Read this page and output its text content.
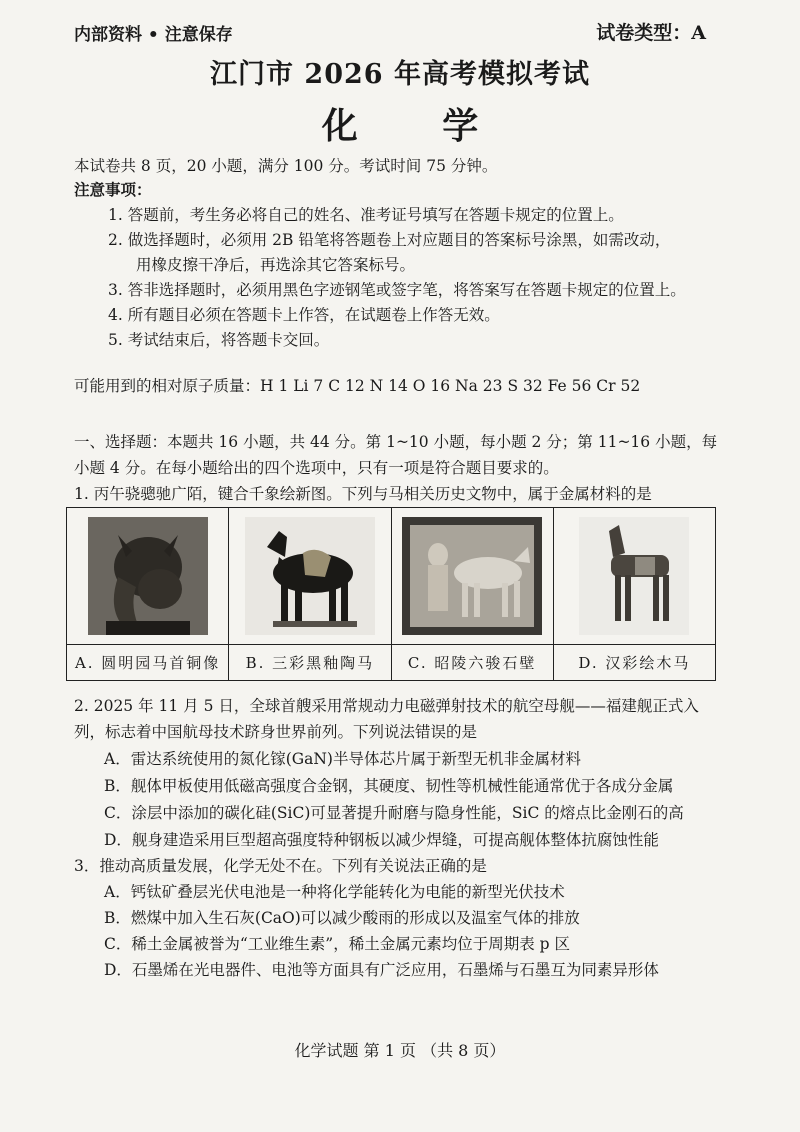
内部资料 • 注意保存	试卷类型：A
江门市 2026 年高考模拟考试
化 学
本试卷共 8 页，20 小题，满分 100 分。考试时间 75 分钟。
注意事项：
1. 答题前，考生务必将自己的姓名、准考证号填写在答题卡规定的位置上。
2. 做选择题时，必须用 2B 铅笔将答题卷上对应题目的答案标号涂黑，如需改动，
用橡皮擦干净后，再选涂其它答案标号。
3. 答非选择题时，必须用黑色字迹钢笔或签字笔，将答案写在答题卡规定的位置上。
4. 所有题目必须在答题卡上作答，在试题卷上作答无效。
5. 考试结束后，将答题卡交回。
可能用到的相对原子质量：H 1 Li 7 C 12 N 14 O 16 Na 23 S 32 Fe 56 Cr 52
一、选择题：本题共 16 小题，共 44 分。第 1~10 小题，每小题 2 分；第 11~16 小题，每
小题 4 分。在每小题给出的四个选项中，只有一项是符合题目要求的。
1. 丙午骁骢驰广陌，键合千象绘新图。下列与马相关历史文物中，属于金属材料的是
A. 圆明园马首铜像	B. 三彩黑釉陶马	C. 昭陵六骏石壁	D. 汉彩绘木马
2. 2025 年 11 月 5 日，全球首艘采用常规动力电磁弹射技术的航空母舰——福建舰正式入
列，标志着中国航母技术跻身世界前列。下列说法错误的是
A．雷达系统使用的氮化镓(GaN)半导体芯片属于新型无机非金属材料
B．舰体甲板使用低磁高强度合金钢，其硬度、韧性等机械性能通常优于各成分金属
C．涂层中添加的碳化硅(SiC)可显著提升耐磨与隐身性能，SiC 的熔点比金刚石的高
D．舰身建造采用巨型超高强度特种钢板以减少焊缝，可提高舰体整体抗腐蚀性能
3．推动高质量发展，化学无处不在。下列有关说法正确的是
A．钙钛矿叠层光伏电池是一种将化学能转化为电能的新型光伏技术
B．燃煤中加入生石灰(CaO)可以减少酸雨的形成以及温室气体的排放
C．稀土金属被誉为“工业维生素”，稀土金属元素均位于周期表 p 区
D．石墨烯在光电器件、电池等方面具有广泛应用，石墨烯与石墨互为同素异形体
化学试题 第 1 页 （共 8 页）
